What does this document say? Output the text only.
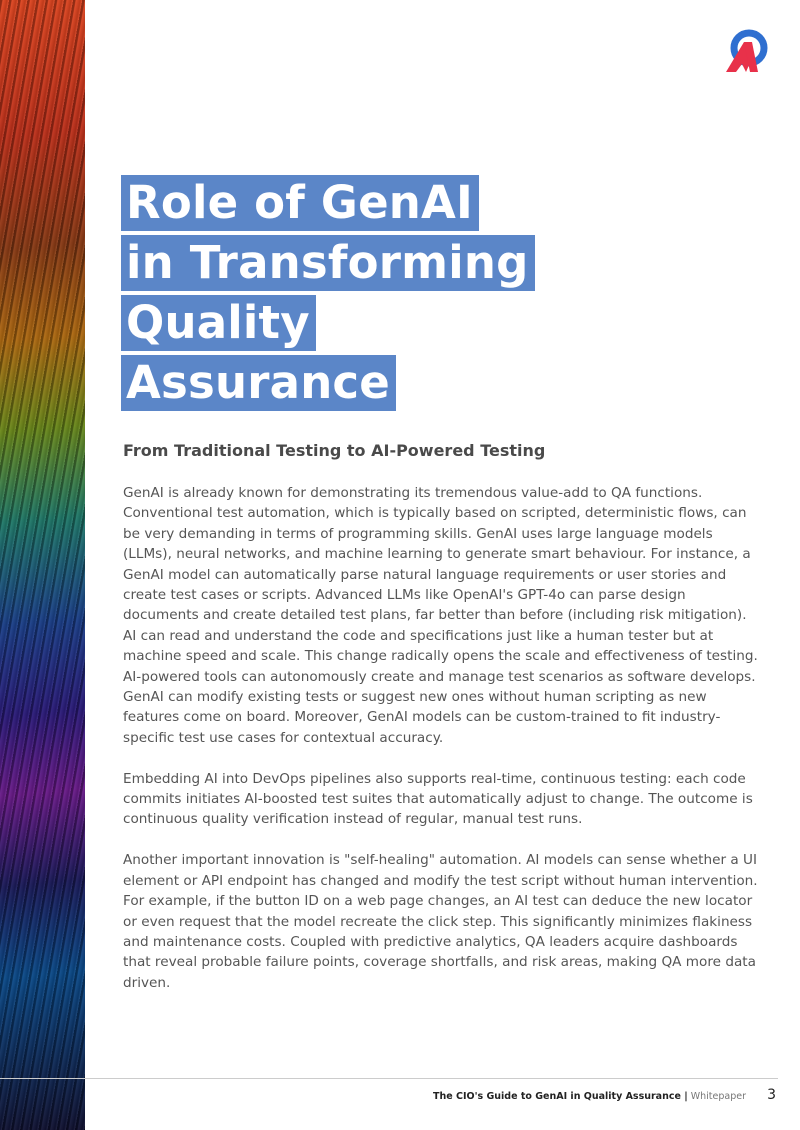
Role of GenAI
in Transforming
Quality
Assurance
From Traditional Testing to AI-Powered Testing

GenAI is already known for demonstrating its tremendous value-add to QA functions. Conventional test automation, which is typically based on scripted, deterministic flows, can be very demanding in terms of programming skills. GenAI uses large language models (LLMs), neural networks, and machine learning to generate smart behaviour. For instance, a GenAI model can automatically parse natural language requirements or user stories and create test cases or scripts. Advanced LLMs like OpenAI's GPT-4o can parse design documents and create detailed test plans, far better than before (including risk mitigation). AI can read and understand the code and specifications just like a human tester but at machine speed and scale. This change radically opens the scale and effectiveness of testing. AI-powered tools can autonomously create and manage test scenarios as software develops. GenAI can modify existing tests or suggest new ones without human scripting as new features come on board. Moreover, GenAI models can be custom-trained to fit industry-specific test use cases for contextual accuracy.

Embedding AI into DevOps pipelines also supports real-time, continuous testing: each code commits initiates AI-boosted test suites that automatically adjust to change. The outcome is continuous quality verification instead of regular, manual test runs.

Another important innovation is "self-healing" automation. AI models can sense whether a UI element or API endpoint has changed and modify the test script without human intervention. For example, if the button ID on a web page changes, an AI test can deduce the new locator or even request that the model recreate the click step. This significantly minimizes flakiness and maintenance costs. Coupled with predictive analytics, QA leaders acquire dashboards that reveal probable failure points, coverage shortfalls, and risk areas, making QA more data driven.

The CIO's Guide to GenAI in Quality Assurance | Whitepaper 3
